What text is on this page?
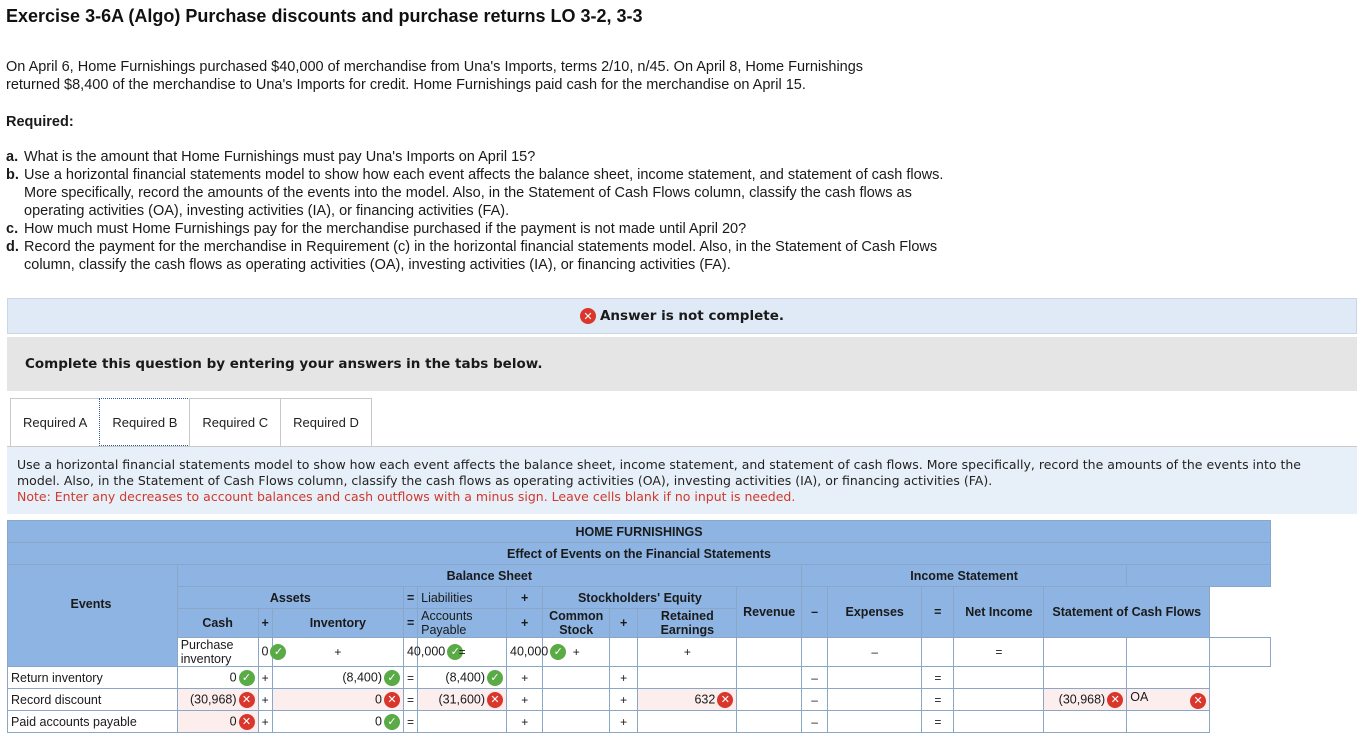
Exercise 3-6A (Algo) Purchase discounts and purchase returns LO 3-2, 3-3
On April 6, Home Furnishings purchased $40,000 of merchandise from Una's Imports, terms 2/10, n/45. On April 8, Home Furnishings
returned $8,400 of the merchandise to Una's Imports for credit. Home Furnishings paid cash for the merchandise on April 15.
Required:
a. What is the amount that Home Furnishings must pay Una's Imports on April 15?
b. Use a horizontal financial statements model to show how each event affects the balance sheet, income statement, and statement of cash flows. More specifically, record the amounts of the events into the model. Also, in the Statement of Cash Flows column, classify the cash flows as operating activities (OA), investing activities (IA), or financing activities (FA).
c. How much must Home Furnishings pay for the merchandise purchased if the payment is not made until April 20?
d. Record the payment for the merchandise in Requirement (c) in the horizontal financial statements model. Also, in the Statement of Cash Flows column, classify the cash flows as operating activities (OA), investing activities (IA), or financing activities (FA).
✕ Answer is not complete.
Complete this question by entering your answers in the tabs below.
Required A	Required B	Required C	Required D
Use a horizontal financial statements model to show how each event affects the balance sheet, income statement, and statement of cash flows. More specifically, record the amounts of the events into the model. Also, in the Statement of Cash Flows column, classify the cash flows as operating activities (OA), investing activities (IA), or financing activities (FA).
Note: Enter any decreases to account balances and cash outflows with a minus sign. Leave cells blank if no input is needed.
HOME FURNISHINGS																	
Effect of Events on the Financial Statements																	
	Balance Sheet										Income Statement						
	Assets			=	Liabilities	+	Stockholders' Equity			Revenue	–	Expenses	=	Net Income	Statement of Cash Flows		
	Cash	+	Inventory	=	Accounts Payable	+	Common Stock	+	Retained Earnings								
	Purchase inventory	0 ✓	+	40,000 ✓	=	40,000 ✓	+		+			–		=			
Return inventory	0 ✓	+	(8,400) ✓	=	(8,400) ✓	+		+			–		=				
Record discount	(30,968) ✕	+	0 ✕	=	(31,600) ✕	+		+	632 ✕		–		=		(30,968) ✕	OA ✕	

Paid accounts payable	0 ✕	+	0 ✓	=		+		+			–		=				
Events
